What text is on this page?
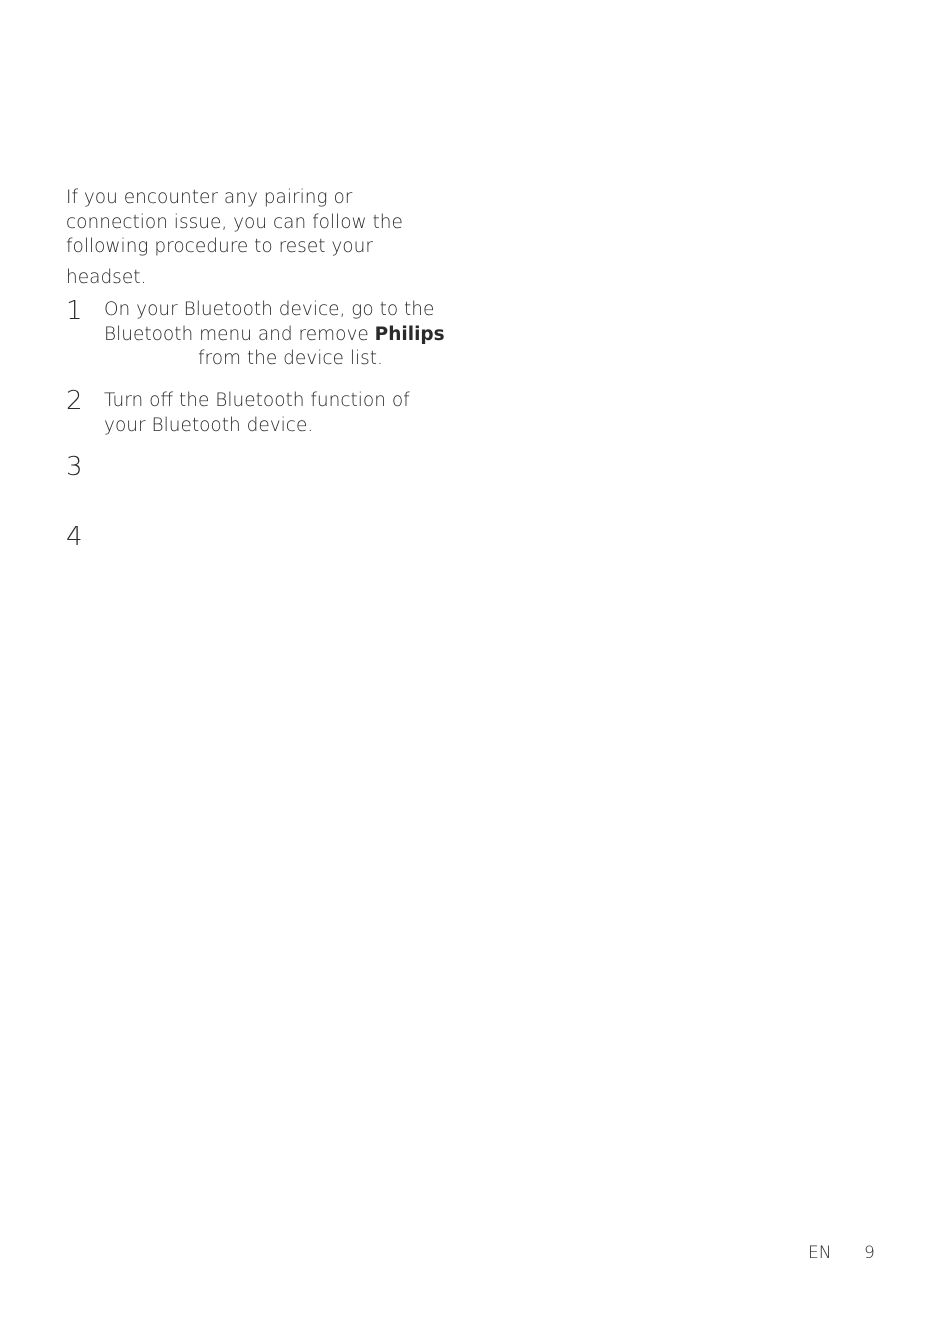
If you encounter any pairing or
connection issue, you can follow the
following procedure to reset your
headset.

1 On your Bluetooth device, go to the
Bluetooth menu and remove Philips
from the device list.
2 Turn off the Bluetooth function of
your Bluetooth device.
3
4
EN 9
